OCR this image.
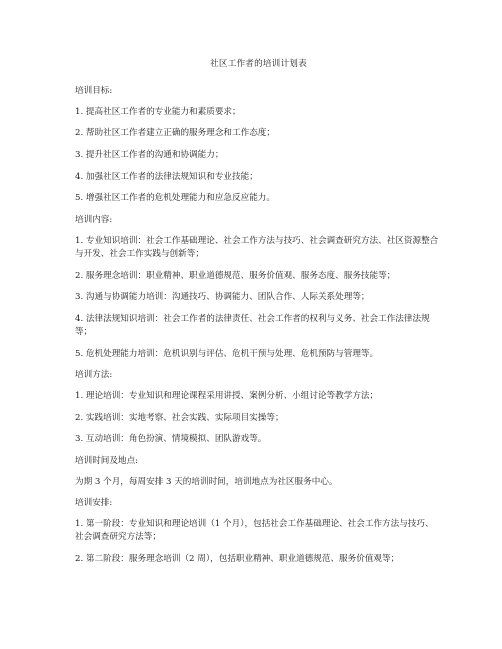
社区工作者的培训计划表
培训目标:
1. 提高社区工作者的专业能力和素质要求；
2. 帮助社区工作者建立正确的服务理念和工作态度；
3. 提升社区工作者的沟通和协调能力；
4. 加强社区工作者的法律法规知识和专业技能；
5. 增强社区工作者的危机处理能力和应急反应能力。
培训内容:
1. 专业知识培训：社会工作基础理论、社会工作方法与技巧、社会调查研究方法、社区资源整合与开发、社会工作实践与创新等；
2. 服务理念培训：职业精神、职业道德规范、服务价值观、服务态度、服务技能等；
3. 沟通与协调能力培训：沟通技巧、协调能力、团队合作、人际关系处理等；
4. 法律法规知识培训：社会工作者的法律责任、社会工作者的权利与义务、社会工作法律法规等；
5. 危机处理能力培训：危机识别与评估、危机干预与处理、危机预防与管理等。
培训方法:
1. 理论培训：专业知识和理论课程采用讲授、案例分析、小组讨论等教学方法；
2. 实践培训：实地考察、社会实践、实际项目实操等；
3. 互动培训：角色扮演、情境模拟、团队游戏等。
培训时间及地点:
为期 3 个月，每周安排 3 天的培训时间，培训地点为社区服务中心。
培训安排:
1. 第一阶段：专业知识和理论培训（1 个月），包括社会工作基础理论、社会工作方法与技巧、社会调查研究方法等；
2. 第二阶段：服务理念培训（2 周），包括职业精神、职业道德规范、服务价值观等；
